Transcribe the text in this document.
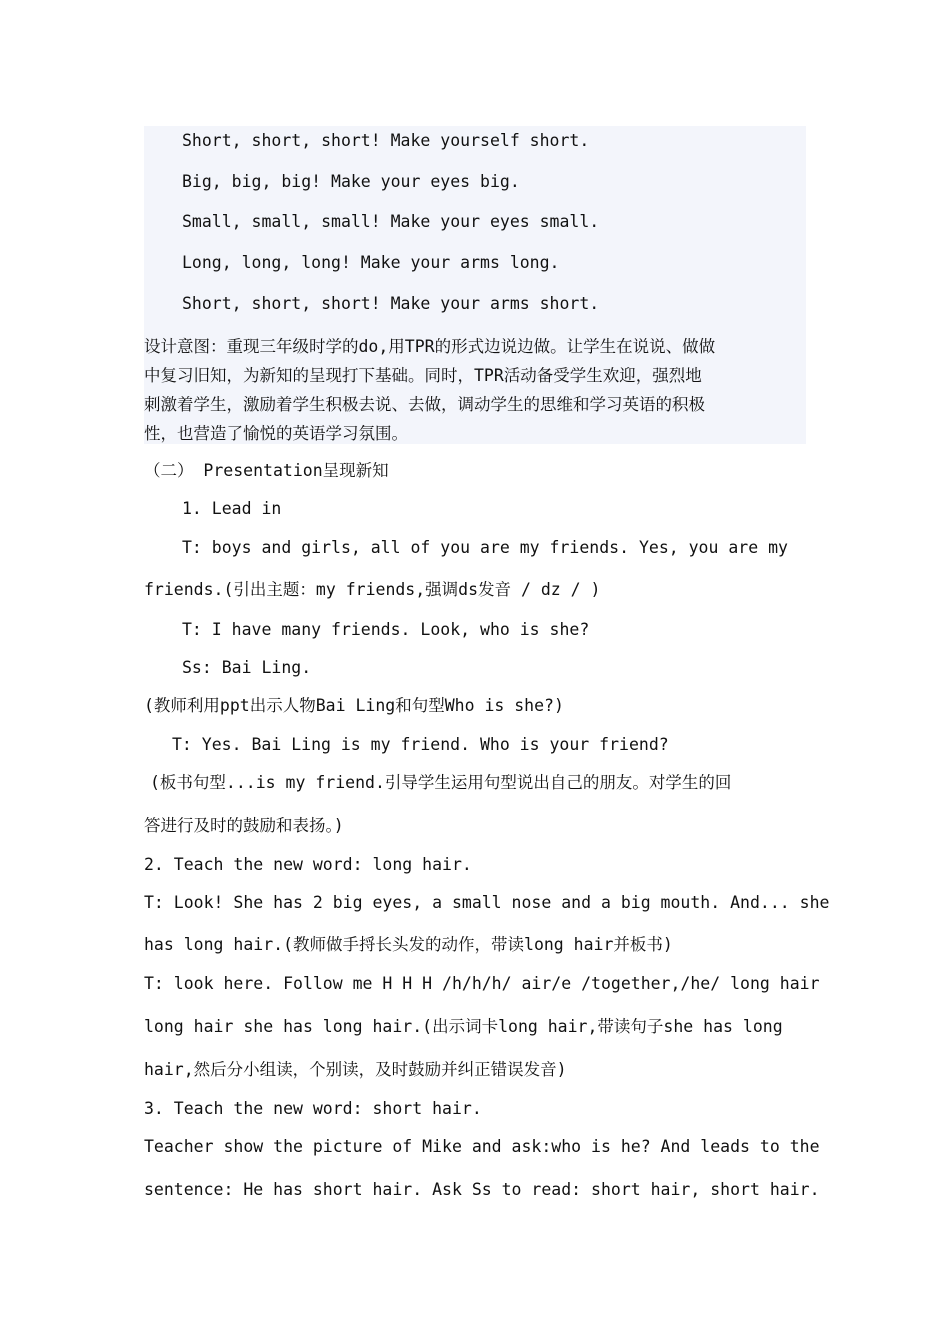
Short, short, short! Make yourself short.
Big, big, big! Make your eyes big.
Small, small, small! Make your eyes small.
Long, long, long! Make your arms long.
Short, short, short! Make your arms short.
设计意图：重现三年级时学的do,用TPR的形式边说边做。让学生在说说、做做
中复习旧知，为新知的呈现打下基础。同时，TPR活动备受学生欢迎，强烈地
刺激着学生，激励着学生积极去说、去做，调动学生的思维和学习英语的积极
性，也营造了愉悦的英语学习氛围。
（二） Presentation呈现新知
1. Lead in
T: boys and girls, all of you are my friends. Yes, you are my
friends.(引出主题：my friends,强调ds发音 / dz / )
T: I have many friends. Look, who is she?
Ss: Bai Ling.
(教师利用ppt出示人物Bai Ling和句型Who is she?)
T: Yes. Bai Ling is my friend. Who is your friend?
(板书句型...is my friend.引导学生运用句型说出自己的朋友。对学生的回
答进行及时的鼓励和表扬。)
2. Teach the new word: long hair.
T: Look! She has 2 big eyes, a small nose and a big mouth. And... she
has long hair.(教师做手捋长头发的动作，带读long hair并板书)
T: look here. Follow me H H H /h/h/h/ air/e /together,/he/ long hair
long hair she has long hair.(出示词卡long hair,带读句子she has long
hair,然后分小组读，个别读，及时鼓励并纠正错误发音)
3. Teach the new word: short hair.
Teacher show the picture of Mike and ask:who is he? And leads to the
sentence: He has short hair. Ask Ss to read: short hair, short hair.
